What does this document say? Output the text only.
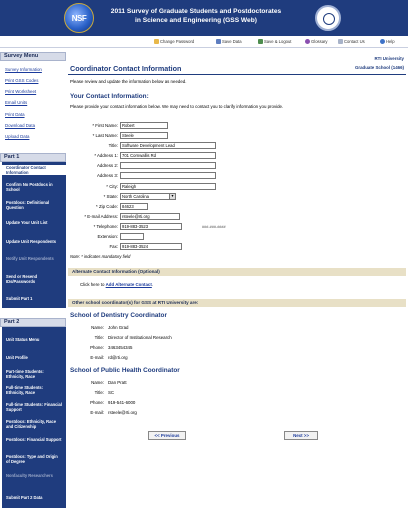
NSF
2011 Survey of Graduate Students and Postdoctorates
in Science and Engineering (GSS Web)
Change Password	Save Data	Save & Logout	Glossary	Contact Us	Help
Survey Menu
Survey Information
Print GSS Codes
Print Worksheet
Email Units
Print Data
Download Data
Upload Data
Part 1
Coordinator Contact Information
Confirm No Postdocs in School
Postdocs: Definitional Question
Update Your Unit List
Update Unit Respondents
Notify Unit Respondents
Send or Resend IDs/Passwords
Submit Part 1
Part 2
Unit Status Menu
Unit Profile
Part-time Students: Ethnicity, Race
Full-time Students: Ethnicity, Race
Full-time Students: Financial Support
Postdocs: Ethnicity, Race and Citizenship
Postdocs: Financial Support
Postdocs: Type and Origin of Degree
Nonfaculty Researchers
Submit Part 2 Data
RTI University
Coordinator Contact Information	Graduate School (1466)
Please review and update the information below as needed.
Your Contact Information:
Please provide your contact information below. We may need to contact you to clarify information you provide.
* First Name: Robert
* Last Name: Steele
Title: Software Development Lead
* Address 1: 701 Cornwallis Rd
Address 2:
Address 3:
* City: Raleigh
* State: North Carolina	▼
* Zip Code: 84623
* E-mail Address: rsteele@rti.org
* Telephone: 919-883-3523	###-###-####
Extension:
Fax: 919-883-3524
Note: * indicates mandatory field
Alternate Contact Information (Optional)
Click here to Add Alternate Contact.
Other school coordinator(s) for GSS at RTI University are:
School of Dentistry Coordinator
Name: John Grad
Title: Director of Institutional Research
Phone: 3463454345
E-mail: rd@rti.org
School of Public Health Coordinator
Name: Dan Pratt
Title: SC
Phone: 919-541-6000
E-mail: rsteele@rti.org
<< Previous	Next >>
